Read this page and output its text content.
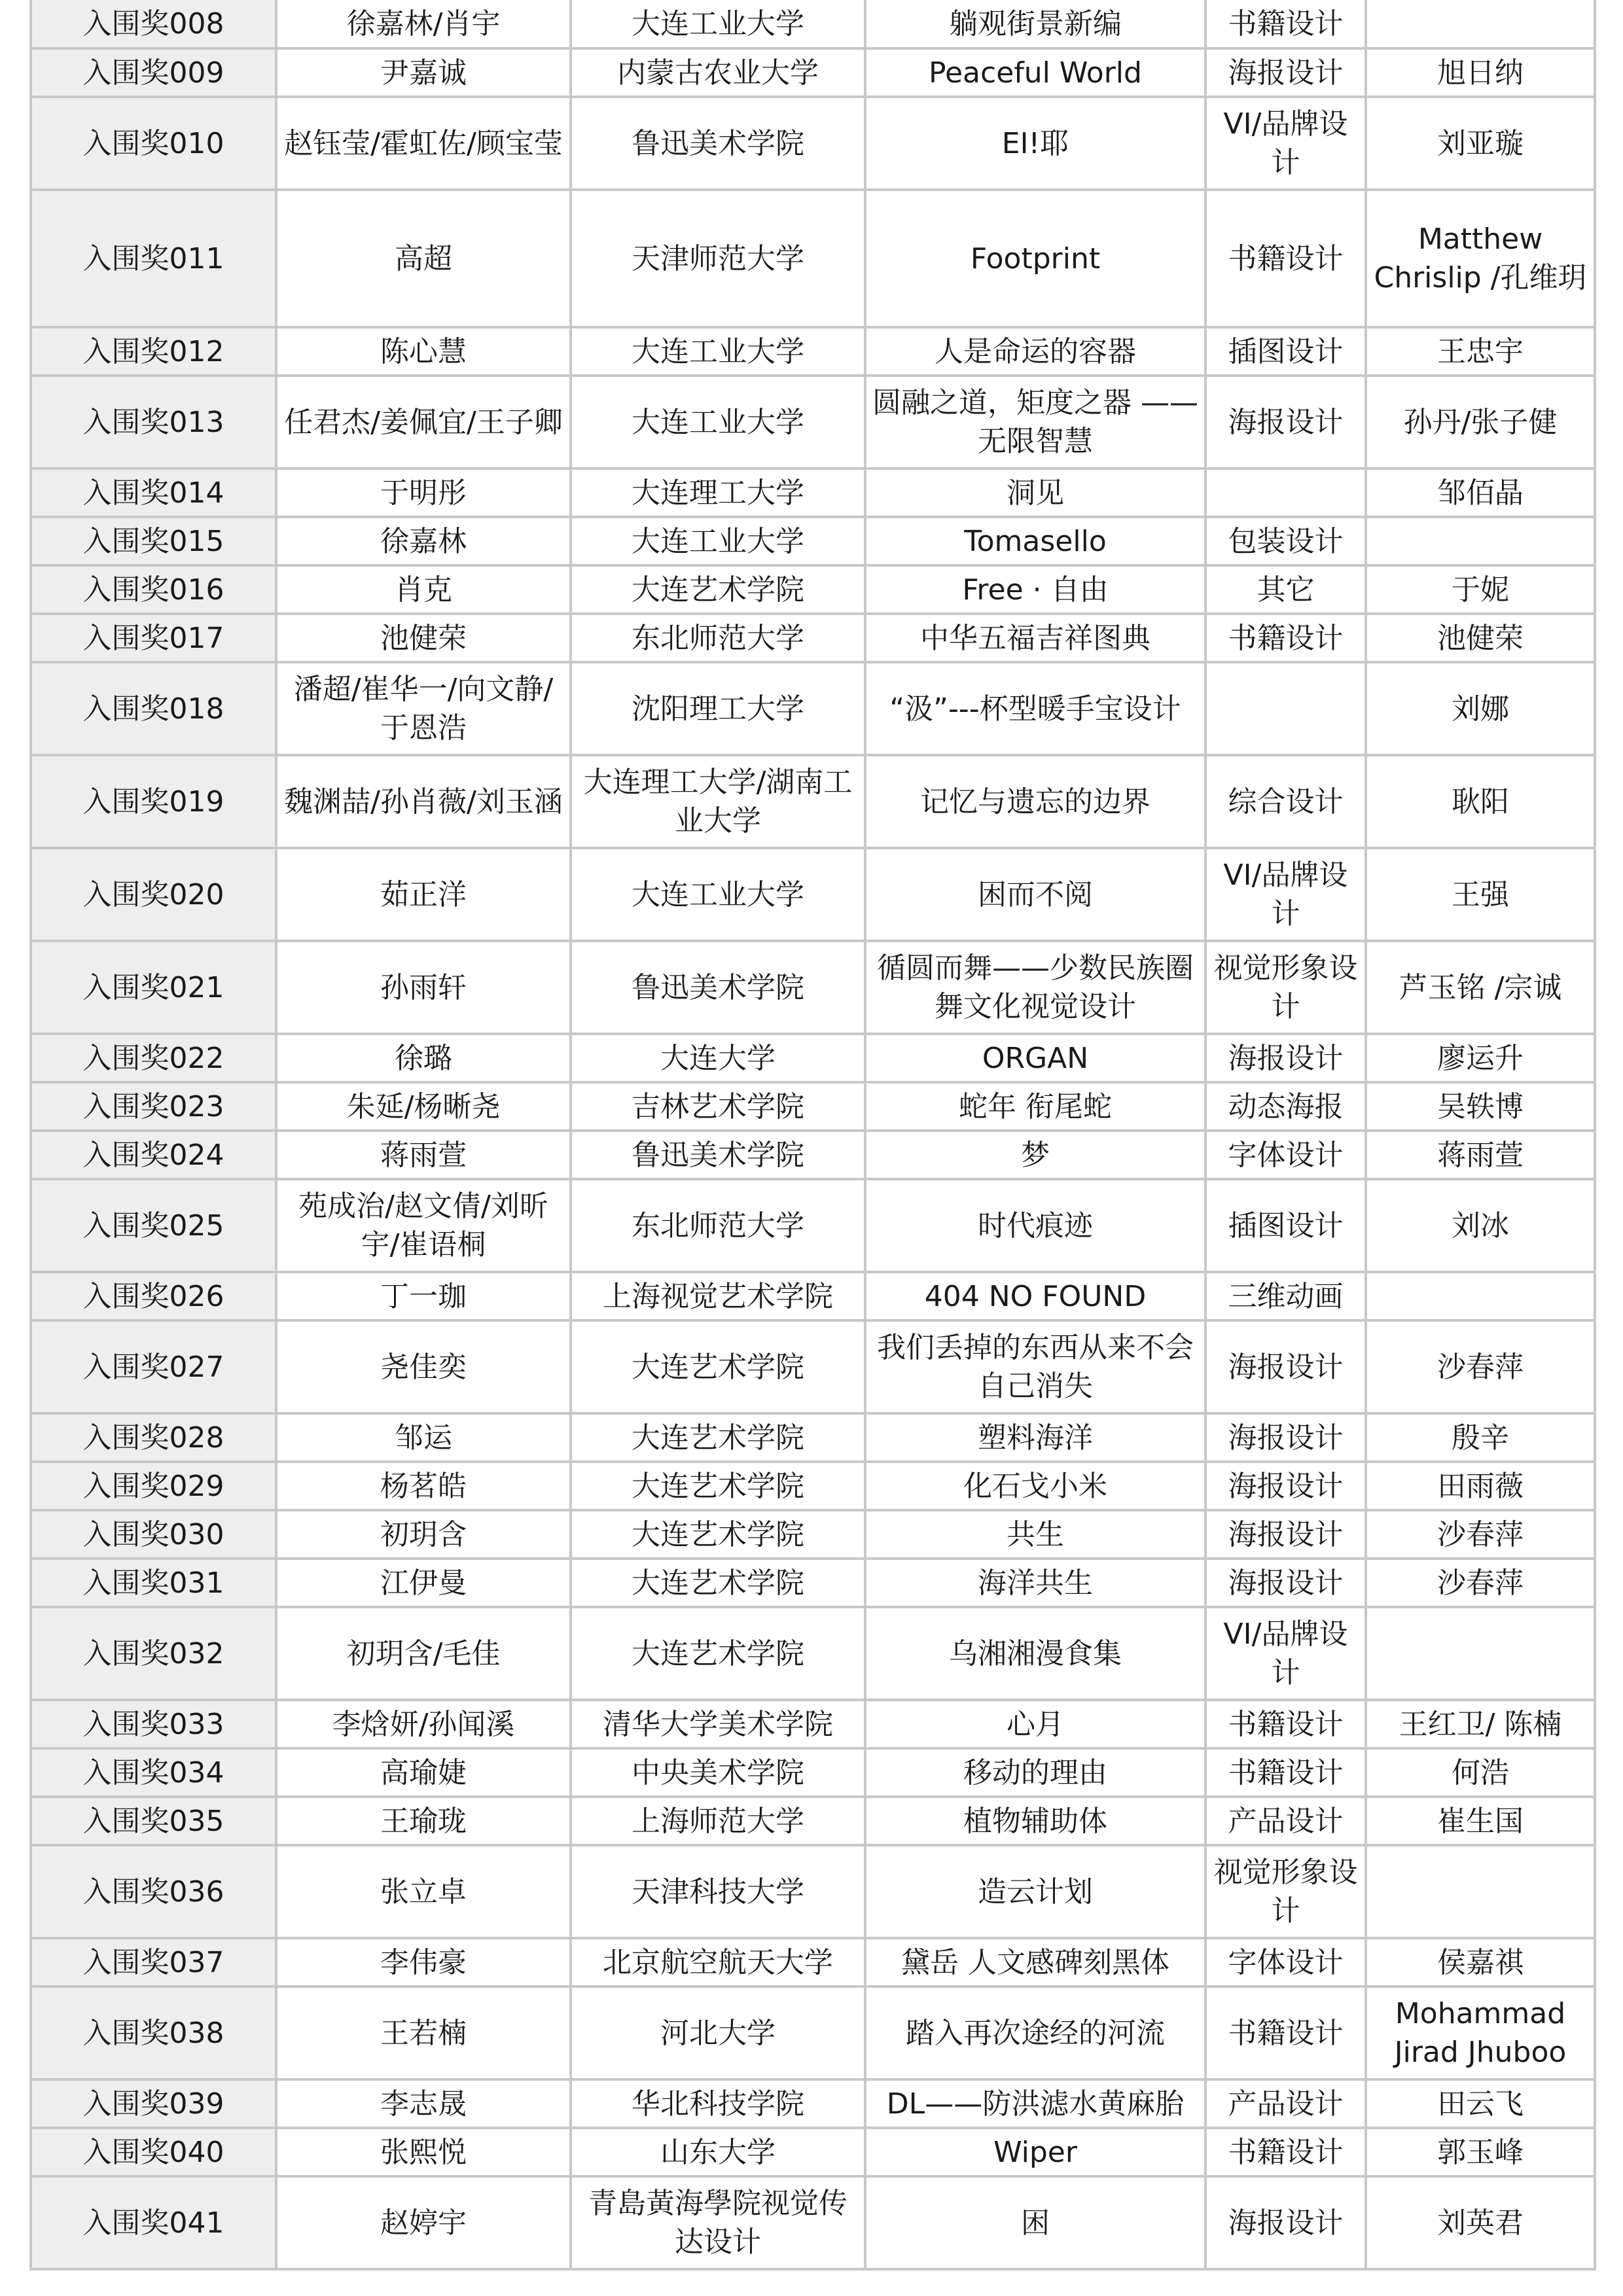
入围奖008	徐嘉林/肖宇	大连工业大学	躺观街景新编	书籍设计	
入围奖009	尹嘉诚	内蒙古农业大学	Peaceful World	海报设计	旭日纳
入围奖010	赵钰莹/霍虹佐/顾宝莹	鲁迅美术学院	EI!耶	VI/品牌设计	刘亚璇
入围奖011	高超	天津师范大学	Footprint	书籍设计	Matthew Chrislip /孔维玥
入围奖012	陈心慧	大连工业大学	人是命运的容器	插图设计	王忠宇
入围奖013	任君杰/姜佩宜/王子卿	大连工业大学	圆融之道，矩度之器 —— 无限智慧	海报设计	孙丹/张子健
入围奖014	于明彤	大连理工大学	洞见		邹佰晶
入围奖015	徐嘉林	大连工业大学	Tomasello	包装设计	
入围奖016	肖克	大连艺术学院	Free · 自由	其它	于妮
入围奖017	池健荣	东北师范大学	中华五福吉祥图典	书籍设计	池健荣
入围奖018	潘超/崔华一/向文静/于恩浩	沈阳理工大学	“汲”---杯型暖手宝设计		刘娜
入围奖019	魏渊喆/孙肖薇/刘玉涵	大连理工大学/湖南工业大学	记忆与遗忘的边界	综合设计	耿阳
入围奖020	茹正洋	大连工业大学	困而不阅	VI/品牌设计	王强
入围奖021	孙雨轩	鲁迅美术学院	循圆而舞——少数民族圈舞文化视觉设计	视觉形象设计	芦玉铭 /宗诚
入围奖022	徐璐	大连大学	ORGAN	海报设计	廖运升
入围奖023	朱延/杨晰尧	吉林艺术学院	蛇年 衔尾蛇	动态海报	吴轶博
入围奖024	蒋雨萱	鲁迅美术学院	梦	字体设计	蒋雨萱
入围奖025	苑成治/赵文倩/刘昕宇/崔语桐	东北师范大学	时代痕迹	插图设计	刘冰
入围奖026	丁一珈	上海视觉艺术学院	404 NO FOUND	三维动画	
入围奖027	尧佳奕	大连艺术学院	我们丢掉的东西从来不会自己消失	海报设计	沙春萍
入围奖028	邹运	大连艺术学院	塑料海洋	海报设计	殷辛
入围奖029	杨茗皓	大连艺术学院	化石戈小米	海报设计	田雨薇
入围奖030	初玥含	大连艺术学院	共生	海报设计	沙春萍
入围奖031	江伊曼	大连艺术学院	海洋共生	海报设计	沙春萍
入围奖032	初玥含/毛佳	大连艺术学院	乌湘湘漫食集	VI/品牌设计	
入围奖033	李焓妍/孙闻溪	清华大学美术学院	心月	书籍设计	王红卫/ 陈楠
入围奖034	高瑜婕	中央美术学院	移动的理由	书籍设计	何浩
入围奖035	王瑜珑	上海师范大学	植物辅助体	产品设计	崔生国
入围奖036	张立卓	天津科技大学	造云计划	视觉形象设计	
入围奖037	李伟豪	北京航空航天大学	黛岳 人文感碑刻黑体	字体设计	侯嘉祺
入围奖038	王若楠	河北大学	踏入再次途经的河流	书籍设计	Mohammad Jirad Jhuboo
入围奖039	李志晟	华北科技学院	DL——防洪滤水黄麻胎	产品设计	田云飞
入围奖040	张熙悦	山东大学	Wiper	书籍设计	郭玉峰
入围奖041	赵婷宇	青島黃海學院视觉传达设计	困	海报设计	刘英君
